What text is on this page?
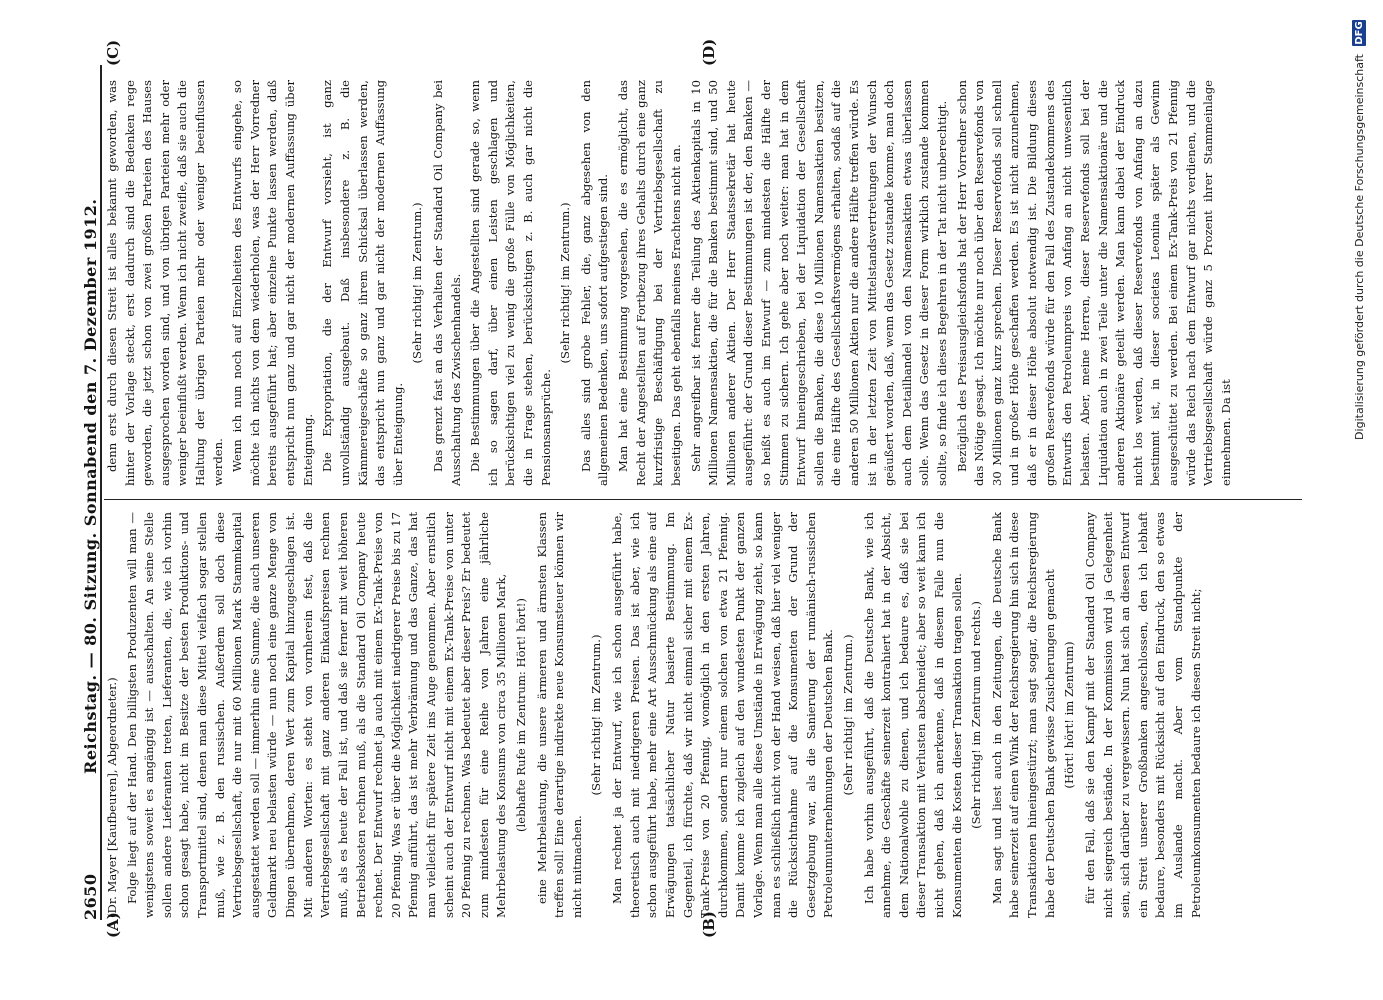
2650
Reichstag. — 80. Sitzung. Sonnabend den 7. Dezember 1912.
(A)	(B)
(C)	(D)

(Dr. Mayer [Kaufbeuren], Abgeordneter.) Folge liegt auf der Hand. Den billigsten Produzenten will man — wenigstens soweit es angängig ist — ausschalten. An seine Stelle sollen andere Lieferanten treten, Lieferanten, die, wie ich vorhin schon gesagt habe, nicht im Besitze der besten Produktions- und Transportmittel sind, denen man diese Mittel vielfach sogar stellen muß, wie z. B. den russischen. Außerdem soll doch diese Vertriebsgesellschaft, die nur mit 60 Millionen Mark Stammkapital ausgestattet werden soll — immerhin eine Summe, die auch unseren Geldmarkt neu belasten würde — nun noch eine ganze Menge von Dingen übernehmen, deren Wert zum Kapital hinzugeschlagen ist. Mit anderen Worten: es steht von vornherein fest, daß die Vertriebsgesellschaft mit ganz anderen Einkaufspreisen rechnen muß, als es heute der Fall ist, und daß sie ferner mit weit höheren Betriebskosten rechnen muß, als die Standard Oil Company heute rechnet. Der Entwurf rechnet ja auch mit einem Ex-Tank-Preise von 20 Pfennig. Was er über die Möglichkeit niedrigerer Preise bis zu 17 Pfennig anführt, das ist mehr Verbrämung und das Ganze, das hat man vielleicht für spätere Zeit ins Auge genommen. Aber ernstlich scheint auch der Entwurf nicht mit einem Ex-Tank-Preise von unter 20 Pfennig zu rechnen. Was bedeutet aber dieser Preis? Er bedeutet zum mindesten für eine Reihe von Jahren eine jährliche Mehrbelastung des Konsums von circa 35 Millionen Mark, (lebhafte Rufe im Zentrum: Hört! hört!) eine Mehrbelastung, die unsere ärmeren und ärmsten Klassen treffen soll! Eine derartige indirekte neue Konsumsteuer können wir nicht mitmachen.

(Sehr richtig! im Zentrum.) Man rechnet ja der Entwurf, wie ich schon ausgeführt habe, theoretisch auch mit niedrigeren Preisen. Das ist aber, wie ich schon ausgeführt habe, mehr eine Art Ausschmückung als eine auf Erwägungen tatsächlicher Natur basierte Bestimmung. Im Gegenteil, ich fürchte, daß wir nicht einmal sicher mit einem Ex-Tank-Preise von 20 Pfennig, womöglich in den ersten Jahren, durchkommen, sondern nur einem solchen von etwa 21 Pfennig. Damit komme ich zugleich auf den wundesten Punkt der ganzen Vorlage. Wenn man alle diese Umstände in Erwägung zieht, so kann man es schließlich nicht von der Hand weisen, daß hier viel weniger die Rücksichtnahme auf die Konsumenten der Grund der Gesetzgebung war, als die Sanierung der rumänisch-russischen Petroleumunternehmungen der Deutschen Bank. (Sehr richtig! im Zentrum.) Ich habe vorhin ausgeführt, daß die Deutsche Bank, wie ich annehme, die Geschäfte seinerzeit kontrahiert hat in der Absicht, dem Nationalwohle zu dienen, und ich bedaure es, daß sie bei dieser Transaktion mit Verlusten abschneidet; aber so weit kann ich nicht gehen, daß ich anerkenne, daß in diesem Falle nun die Konsumenten die Kosten dieser Transaktion tragen sollen. (Sehr richtig! im Zentrum und rechts.) Man sagt und liest auch in den Zeitungen, die Deutsche Bank habe seinerzeit auf einen Wink der Reichsregierung hin sich in diese Transaktionen hineingestürzt; man sagt sogar, die Reichsregierung habe der Deutschen Bank gewisse Zusicherungen gemacht (Hört! hört! im Zentrum) für den Fall, daß sie den Kampf mit der Standard Oil Company nicht siegreich bestände. In der Kommission wird ja Gelegenheit sein, sich darüber zu vergewissern. Nun hat sich an diesen Entwurf ein Streit unserer Großbanken angeschlossen, den ich lebhaft bedaure, besonders mit Rücksicht auf den Eindruck, den so etwas im Auslande macht. Aber vom Standpunkte der Petroleumkonsumenten bedaure ich diesen Streit nicht;

denn erst durch diesen Streit ist alles bekannt geworden, was hinter der Vorlage steckt, erst dadurch sind die Bedenken rege geworden, die jetzt schon von zwei großen Parteien des Hauses ausgesprochen worden sind, und von übrigen Parteien mehr oder weniger beeinflußt werden. Wenn ich nicht zweifle, daß sie auch die Haltung der übrigen Parteien mehr oder weniger beeinflussen werden. Wenn ich nun noch auf Einzelheiten des Entwurfs eingehe, so möchte ich nichts von dem wiederholen, was der Herr Vorredner bereits ausgeführt hat; aber einzelne Punkte lassen werden, daß entspricht nun ganz und gar nicht der modernen Auffassung über Enteignung. Die Expropriation, die der Entwurf vorsieht, ist ganz unvollständig ausgebaut. Daß insbesondere z. B. die Kämmereigeschäfte so ganz ihrem Schicksal überlassen werden, das entspricht nun ganz und gar nicht der modernen Auffassung über Enteignung.

(Sehr richtig! im Zentrum.) Das grenzt fast an das Verhalten der Standard Oil Company bei Ausschaltung des Zwischenhandels. Die Bestimmungen über die Angestellten sind gerade so, wenn ich so sagen darf, über einen Leisten geschlagen und berücksichtigen viel zu wenig die große Fülle von Möglichkeiten, die in Frage stehen, berücksichtigen z. B. auch gar nicht die Pensionsansprüche.

(Sehr richtig! im Zentrum.) Das alles sind grobe Fehler, die, ganz abgesehen von den allgemeinen Bedenken, uns sofort aufgestiegen sind. Man hat eine Bestimmung vorgesehen, die es ermöglicht, das Recht der Angestellten auf Fortbezug ihres Gehalts durch eine ganz kurzfristige Beschäftigung bei der Vertriebsgesellschaft zu beseitigen. Das geht ebenfalls meines Erachtens nicht an. Sehr angreifbar ist ferner die Teilung des Aktienkapitals in 10 Millionen Namensaktien, die für die Banken bestimmt sind, und 50 Millionen anderer Aktien. Der Herr Staatssekretär hat heute ausgeführt: der Grund dieser Bestimmungen ist der, den Banken — so heißt es auch im Entwurf — zum mindesten die Hälfte der Stimmen zu sichern. Ich gehe aber noch weiter: man hat in dem Entwurf hineingeschrieben, bei der Liquidation der Gesellschaft sollen die Banken, die diese 10 Millionen Namensaktien besitzen, die eine Hälfte des Gesellschaftsvermögens erhalten, sodaß auf die anderen 50 Millionen Aktien nur die andere Hälfte treffen würde. Es ist in der letzten Zeit von Mittelstandsvertretungen der Wunsch geäußert worden, daß, wenn das Gesetz zustande komme, man doch auch dem Detailhandel von den Namensaktien etwas überlassen solle. Wenn das Gesetz in dieser Form wirklich zustande kommen sollte, so finde ich dieses Begehren in der Tat nicht unberechtigt. Bezüglich des Preisausgleichsfonds hat der Herr Vorredner schon das Nötige gesagt. Ich möchte nur noch über den Reservefonds von 30 Millionen ganz kurz sprechen. Dieser Reservefonds soll schnell und in großer Höhe geschaffen werden. Es ist nicht anzunehmen, daß er in dieser Höhe absolut notwendig ist. Die Bildung dieses großen Reservefonds würde für den Fall des Zustandekommens des Entwurfs den Petroleumpreis von Anfang an nicht unwesentlich belasten. Aber, meine Herren, dieser Reservefonds soll bei der Liquidation auch in zwei Teile unter die Namensaktionäre und die anderen Aktionäre geteilt werden. Man kann dabei der Eindruck nicht los werden, daß dieser Reservefonds von Anfang an dazu bestimmt ist, in dieser societas Leonina später als Gewinn ausgeschüttet zu werden. Bei einem Ex-Tank-Preis von 21 Pfennig würde das Reich nach dem Entwurf gar nichts verdienen, und die Vertriebsgesellschaft würde ganz 5 Prozent ihrer Stammeinlage einnehmen. Da ist	Digitalisierung gefördert durch die Deutsche Forschungsgemeinschaft
DFG
